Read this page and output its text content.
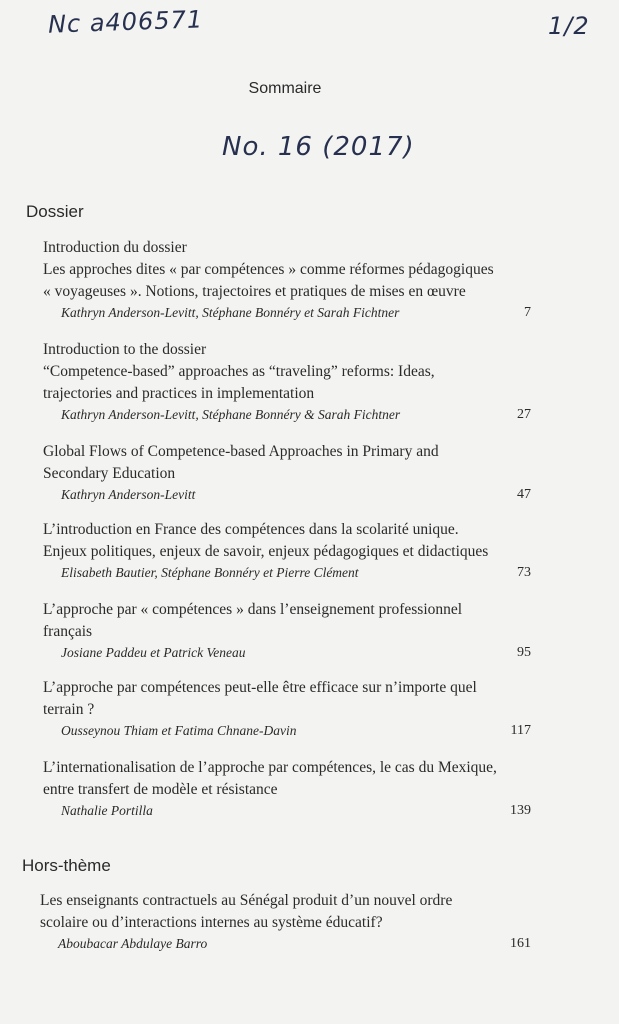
Nc a406571	1/2
Sommaire
No. 16 (2017)
Dossier
Introduction du dossier
Les approches dites « par compétences » comme réformes pédagogiques
« voyageuses ». Notions, trajectoires et pratiques de mises en œuvre
Kathryn Anderson-Levitt, Stéphane Bonnéry et Sarah Fichtner	7
Introduction to the dossier
“Competence-based” approaches as “traveling” reforms: Ideas,
trajectories and practices in implementation
Kathryn Anderson-Levitt, Stéphane Bonnéry & Sarah Fichtner	27
Global Flows of Competence-based Approaches in Primary and
Secondary Education
Kathryn Anderson-Levitt	47
L’introduction en France des compétences dans la scolarité unique.
Enjeux politiques, enjeux de savoir, enjeux pédagogiques et didactiques
Elisabeth Bautier, Stéphane Bonnéry et Pierre Clément	73
L’approche par « compétences » dans l’enseignement professionnel
français
Josiane Paddeu et Patrick Veneau	95
L’approche par compétences peut-elle être efficace sur n’importe quel
terrain ?
Ousseynou Thiam et Fatima Chnane-Davin	117
L’internationalisation de l’approche par compétences, le cas du Mexique,
entre transfert de modèle et résistance
Nathalie Portilla	139
Hors-thème
Les enseignants contractuels au Sénégal produit d’un nouvel ordre
scolaire ou d’interactions internes au système éducatif?
Aboubacar Abdulaye Barro	161
